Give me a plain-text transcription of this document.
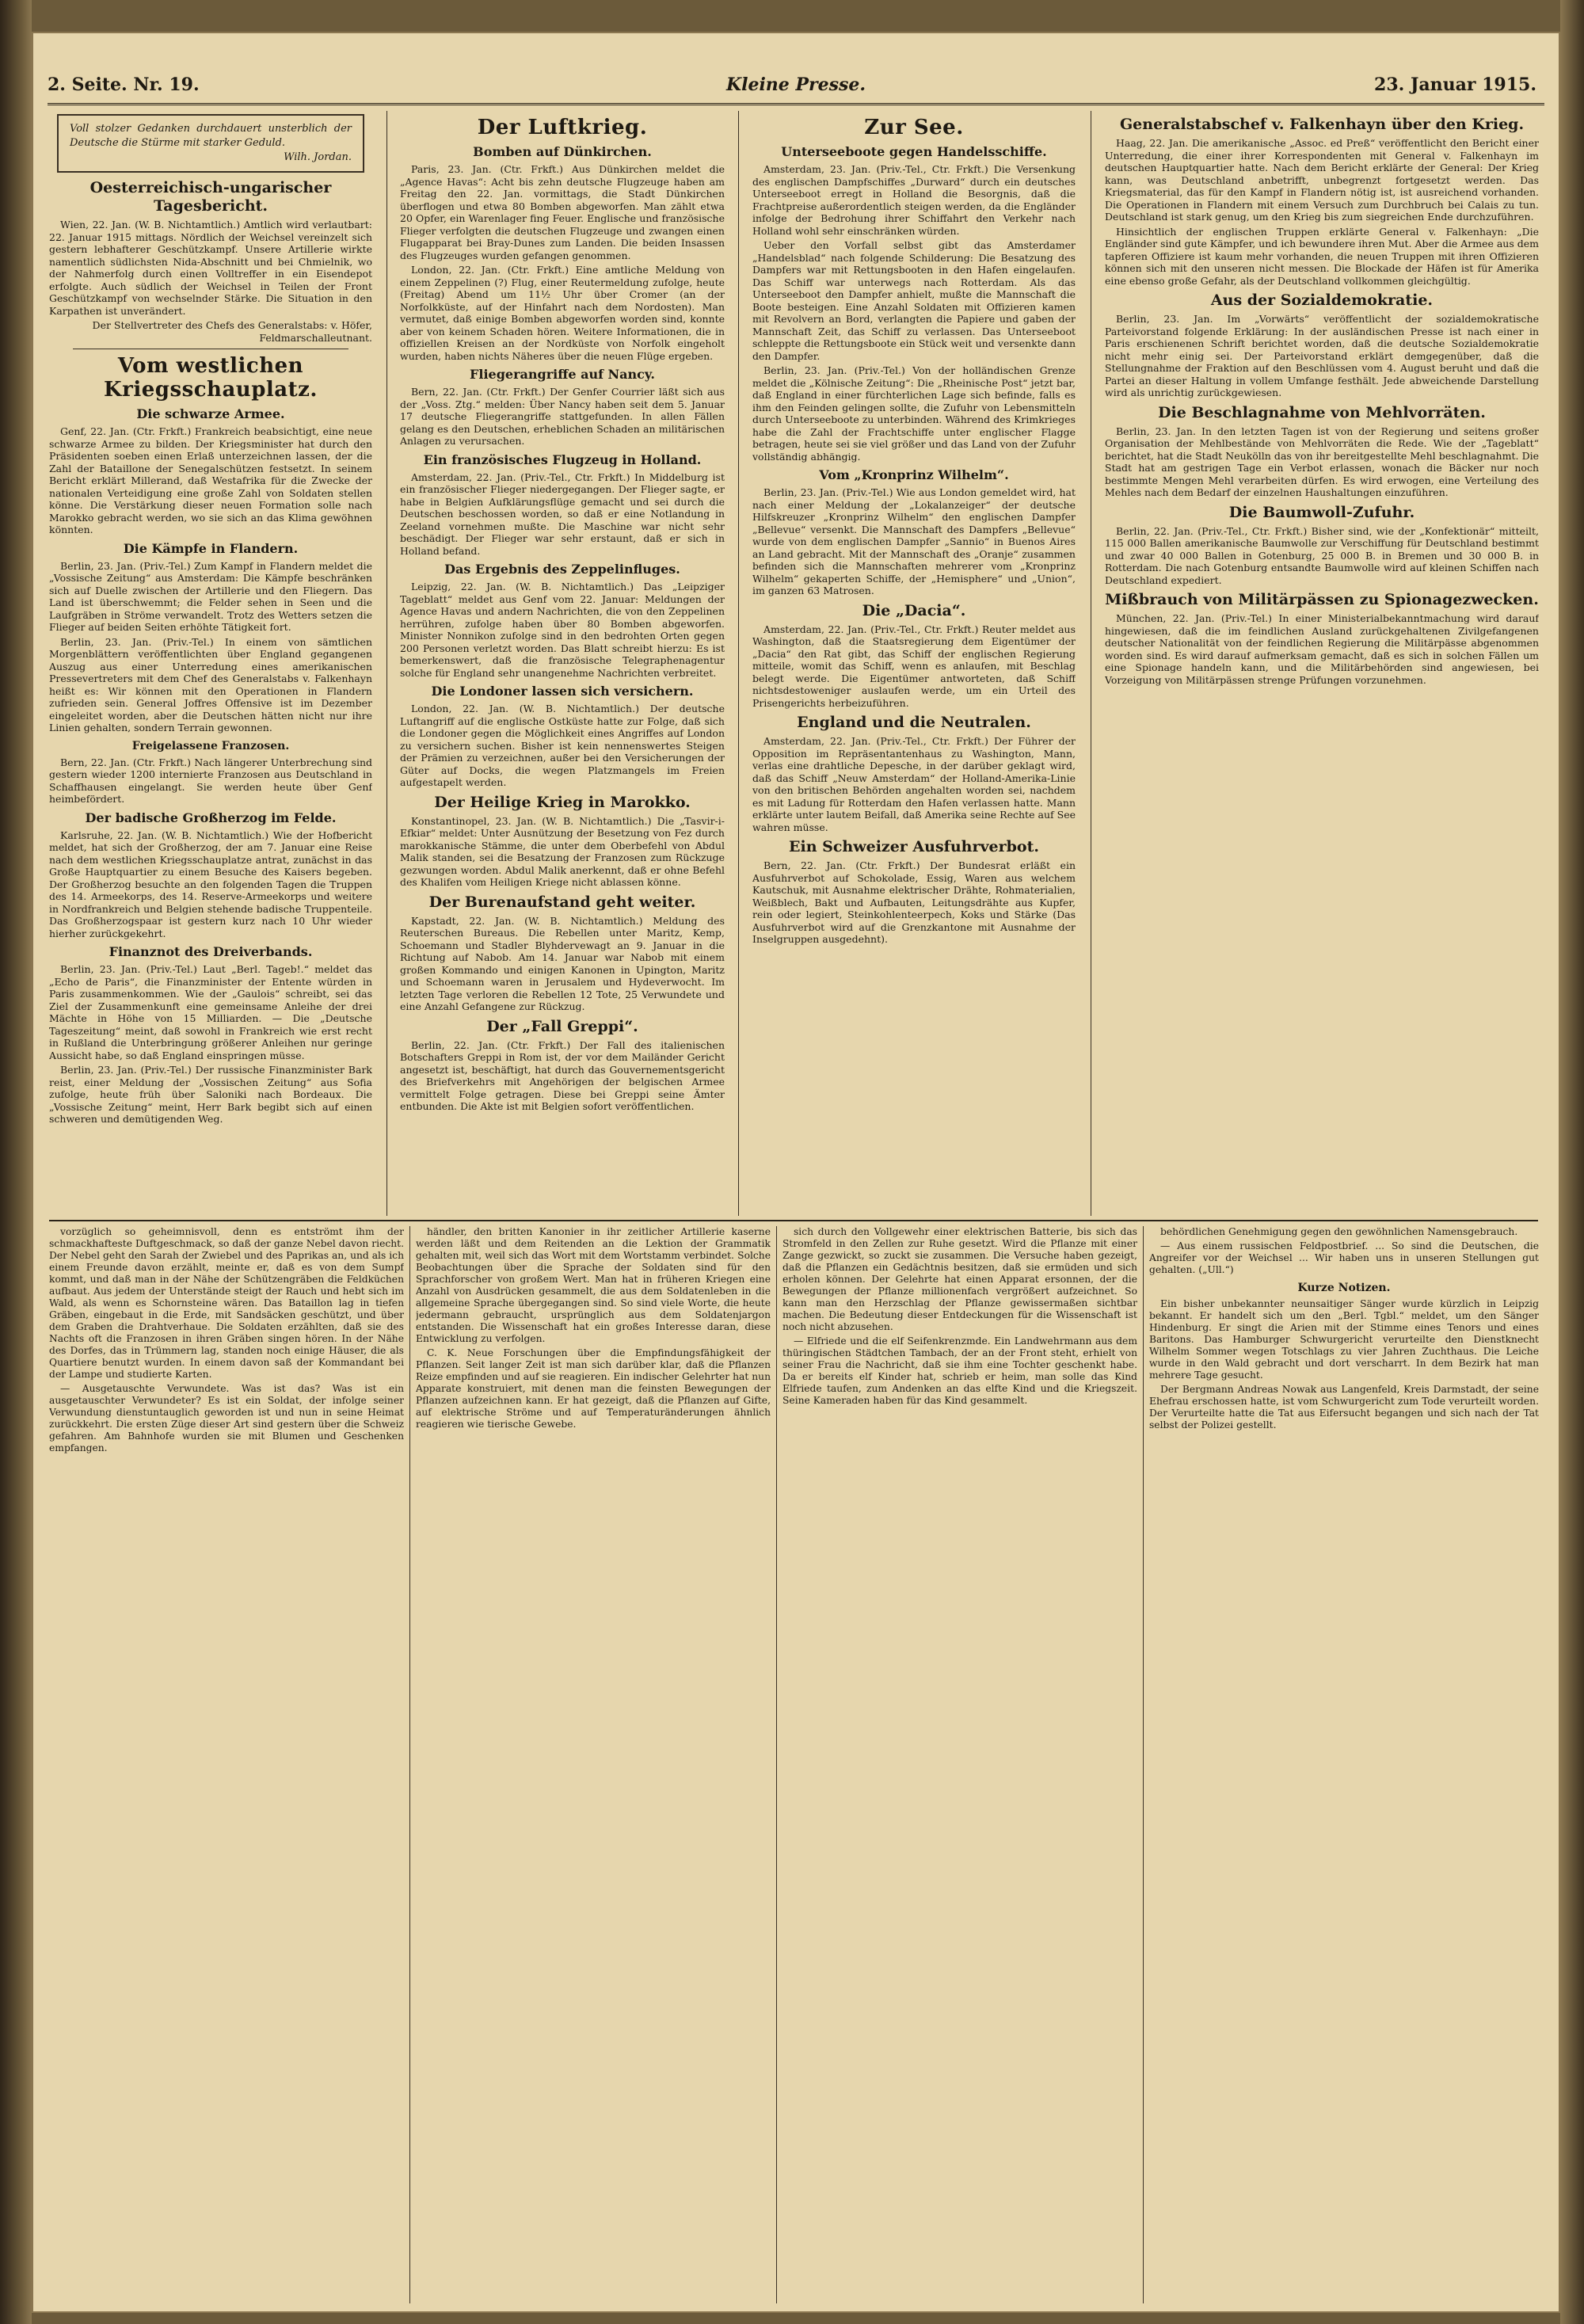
2. Seite. Nr. 19.	Kleine Presse.	23. Januar 1915.
Voll stolzer Gedanken durchdauert unsterblich der Deutsche die Stürme mit starker Geduld.
Wilh. Jordan.
Oesterreichisch-ungarischer Tagesbericht.

Wien, 22. Jan. (W. B. Nichtamtlich.) Amtlich wird verlautbart: 22. Januar 1915 mittags. Nördlich der Weichsel vereinzelt sich gestern lebhafterer Geschützkampf. Unsere Artillerie wirkte namentlich südlichsten Nida-Abschnitt und bei Chmielnik, wo der Nahmerfolg durch einen Volltreffer in ein Eisendepot erfolgte. Auch südlich der Weichsel in Teilen der Front Geschützkampf von wechselnder Stärke. Die Situation in den Karpathen ist unverändert.

Der Stellvertreter des Chefs des Generalstabs: v. Höfer, Feldmarschalleutnant.

Vom westlichen Kriegsschauplatz.
Die schwarze Armee.

Genf, 22. Jan. (Ctr. Frkft.) Frankreich beabsichtigt, eine neue schwarze Armee zu bilden. Der Kriegsminister hat durch den Präsidenten soeben einen Erlaß unterzeichnen lassen, der die Zahl der Bataillone der Senegalschützen festsetzt. In seinem Bericht erklärt Millerand, daß Westafrika für die Zwecke der nationalen Verteidigung eine große Zahl von Soldaten stellen könne. Die Verstärkung dieser neuen Formation solle nach Marokko gebracht werden, wo sie sich an das Klima gewöhnen könnten.

Die Kämpfe in Flandern.

Berlin, 23. Jan. (Priv.-Tel.) Zum Kampf in Flandern meldet die „Vossische Zeitung“ aus Amsterdam: Die Kämpfe beschränken sich auf Duelle zwischen der Artillerie und den Fliegern. Das Land ist überschwemmt; die Felder sehen in Seen und die Laufgräben in Ströme verwandelt. Trotz des Wetters setzen die Flieger auf beiden Seiten erhöhte Tätigkeit fort.

Berlin, 23. Jan. (Priv.-Tel.) In einem von sämtlichen Morgenblättern veröffentlichten über England gegangenen Auszug aus einer Unterredung eines amerikanischen Pressevertreters mit dem Chef des Generalstabs v. Falkenhayn heißt es: Wir können mit den Operationen in Flandern zufrieden sein. General Joffres Offensive ist im Dezember eingeleitet worden, aber die Deutschen hätten nicht nur ihre Linien gehalten, sondern Terrain gewonnen.

Freigelassene Franzosen.

Bern, 22. Jan. (Ctr. Frkft.) Nach längerer Unterbrechung sind gestern wieder 1200 internierte Franzosen aus Deutschland in Schaffhausen eingelangt. Sie werden heute über Genf heimbefördert.

Der badische Großherzog im Felde.

Karlsruhe, 22. Jan. (W. B. Nichtamtlich.) Wie der Hofbericht meldet, hat sich der Großherzog, der am 7. Januar eine Reise nach dem westlichen Kriegsschauplatze antrat, zunächst in das Große Hauptquartier zu einem Besuche des Kaisers begeben. Der Großherzog besuchte an den folgenden Tagen die Truppen des 14. Armeekorps, des 14. Reserve-Armeekorps und weitere in Nordfrankreich und Belgien stehende badische Truppenteile. Das Großherzogspaar ist gestern kurz nach 10 Uhr wieder hierher zurückgekehrt.

Finanznot des Dreiverbands.

Berlin, 23. Jan. (Priv.-Tel.) Laut „Berl. Tageb!.“ meldet das „Echo de Paris“, die Finanzminister der Entente würden in Paris zusammenkommen. Wie der „Gaulois“ schreibt, sei das Ziel der Zusammenkunft eine gemeinsame Anleihe der drei Mächte in Höhe von 15 Milliarden. — Die „Deutsche Tageszeitung“ meint, daß sowohl in Frankreich wie erst recht in Rußland die Unterbringung größerer Anleihen nur geringe Aussicht habe, so daß England einspringen müsse.

Berlin, 23. Jan. (Priv.-Tel.) Der russische Finanzminister Bark reist, einer Meldung der „Vossischen Zeitung“ aus Sofia zufolge, heute früh über Saloniki nach Bordeaux. Die „Vossische Zeitung“ meint, Herr Bark begibt sich auf einen schweren und demütigenden Weg.

Der Luftkrieg.
Bomben auf Dünkirchen.

Paris, 23. Jan. (Ctr. Frkft.) Aus Dünkirchen meldet die „Agence Havas“: Acht bis zehn deutsche Flugzeuge haben am Freitag den 22. Jan. vormittags, die Stadt Dünkirchen überflogen und etwa 80 Bomben abgeworfen. Man zählt etwa 20 Opfer, ein Warenlager fing Feuer. Englische und französische Flieger verfolgten die deutschen Flugzeuge und zwangen einen Flugapparat bei Bray-Dunes zum Landen. Die beiden Insassen des Flugzeuges wurden gefangen genommen.

London, 22. Jan. (Ctr. Frkft.) Eine amtliche Meldung von einem Zeppelinen (?) Flug, einer Reutermeldung zufolge, heute (Freitag) Abend um 11½ Uhr über Cromer (an der Norfolkküste, auf der Hinfahrt nach dem Nordosten). Man vermutet, daß einige Bomben abgeworfen worden sind, konnte aber von keinem Schaden hören. Weitere Informationen, die in offiziellen Kreisen an der Nordküste von Norfolk eingeholt wurden, haben nichts Näheres über die neuen Flüge ergeben.

Fliegerangriffe auf Nancy.

Bern, 22. Jan. (Ctr. Frkft.) Der Genfer Courrier läßt sich aus der „Voss. Ztg.“ melden: Über Nancy haben seit dem 5. Januar 17 deutsche Fliegerangriffe stattgefunden. In allen Fällen gelang es den Deutschen, erheblichen Schaden an militärischen Anlagen zu verursachen.

Ein französisches Flugzeug in Holland.

Amsterdam, 22. Jan. (Priv.-Tel., Ctr. Frkft.) In Middelburg ist ein französischer Flieger niedergegangen. Der Flieger sagte, er habe in Belgien Aufklärungsflüge gemacht und sei durch die Deutschen beschossen worden, so daß er eine Notlandung in Zeeland vornehmen mußte. Die Maschine war nicht sehr beschädigt. Der Flieger war sehr erstaunt, daß er sich in Holland befand.

Das Ergebnis des Zeppelinfluges.

Leipzig, 22. Jan. (W. B. Nichtamtlich.) Das „Leipziger Tageblatt“ meldet aus Genf vom 22. Januar: Meldungen der Agence Havas und andern Nachrichten, die von den Zeppelinen herrühren, zufolge haben über 80 Bomben abgeworfen. Minister Nonnikon zufolge sind in den bedrohten Orten gegen 200 Personen verletzt worden. Das Blatt schreibt hierzu: Es ist bemerkenswert, daß die französische Telegraphenagentur solche für England sehr unangenehme Nachrichten verbreitet.

Die Londoner lassen sich versichern.

London, 22. Jan. (W. B. Nichtamtlich.) Der deutsche Luftangriff auf die englische Ostküste hatte zur Folge, daß sich die Londoner gegen die Möglichkeit eines Angriffes auf London zu versichern suchen. Bisher ist kein nennenswertes Steigen der Prämien zu verzeichnen, außer bei den Versicherungen der Güter auf Docks, die wegen Platzmangels im Freien aufgestapelt werden.

Der Heilige Krieg in Marokko.

Konstantinopel, 23. Jan. (W. B. Nichtamtlich.) Die „Tasvir-i-Efkiar“ meldet: Unter Ausnützung der Besetzung von Fez durch marokkanische Stämme, die unter dem Oberbefehl von Abdul Malik standen, sei die Besatzung der Franzosen zum Rückzuge gezwungen worden. Abdul Malik anerkennt, daß er ohne Befehl des Khalifen vom Heiligen Kriege nicht ablassen könne.

Der Burenaufstand geht weiter.

Kapstadt, 22. Jan. (W. B. Nichtamtlich.) Meldung des Reuterschen Bureaus. Die Rebellen unter Maritz, Kemp, Schoemann und Stadler Blyhdervewagt an 9. Januar in die Richtung auf Nabob. Am 14. Januar war Nabob mit einem großen Kommando und einigen Kanonen in Upington, Maritz und Schoemann waren in Jerusalem und Hydeverwocht. Im letzten Tage verloren die Rebellen 12 Tote, 25 Verwundete und eine Anzahl Gefangene zur Rückzug.

Der „Fall Greppi“.

Berlin, 22. Jan. (Ctr. Frkft.) Der Fall des italienischen Botschafters Greppi in Rom ist, der vor dem Mailänder Gericht angesetzt ist, beschäftigt, hat durch das Gouvernementsgericht des Briefverkehrs mit Angehörigen der belgischen Armee vermittelt Folge getragen. Diese bei Greppi seine Ämter entbunden. Die Akte ist mit Belgien sofort veröffentlichen.

Zur See.
Unterseeboote gegen Handelsschiffe.

Amsterdam, 23. Jan. (Priv.-Tel., Ctr. Frkft.) Die Versenkung des englischen Dampfschiffes „Durward“ durch ein deutsches Unterseeboot erregt in Holland die Besorgnis, daß die Frachtpreise außerordentlich steigen werden, da die Engländer infolge der Bedrohung ihrer Schiffahrt den Verkehr nach Holland wohl sehr einschränken würden.

Ueber den Vorfall selbst gibt das Amsterdamer „Handelsblad“ nach folgende Schilderung: Die Besatzung des Dampfers war mit Rettungsbooten in den Hafen eingelaufen. Das Schiff war unterwegs nach Rotterdam. Als das Unterseeboot den Dampfer anhielt, mußte die Mannschaft die Boote besteigen. Eine Anzahl Soldaten mit Offizieren kamen mit Revolvern an Bord, verlangten die Papiere und gaben der Mannschaft Zeit, das Schiff zu verlassen. Das Unterseeboot schleppte die Rettungsboote ein Stück weit und versenkte dann den Dampfer.

Berlin, 23. Jan. (Priv.-Tel.) Von der holländischen Grenze meldet die „Kölnische Zeitung“: Die „Rheinische Post“ jetzt bar, daß England in einer fürchterlichen Lage sich befinde, falls es ihm den Feinden gelingen sollte, die Zufuhr von Lebensmitteln durch Unterseeboote zu unterbinden. Während des Krimkrieges habe die Zahl der Frachtschiffe unter englischer Flagge betragen, heute sei sie viel größer und das Land von der Zufuhr vollständig abhängig.

Vom „Kronprinz Wilhelm“.

Berlin, 23. Jan. (Priv.-Tel.) Wie aus London gemeldet wird, hat nach einer Meldung der „Lokalanzeiger“ der deutsche Hilfskreuzer „Kronprinz Wilhelm“ den englischen Dampfer „Bellevue“ versenkt. Die Mannschaft des Dampfers „Bellevue“ wurde von dem englischen Dampfer „Sannio“ in Buenos Aires an Land gebracht. Mit der Mannschaft des „Oranje“ zusammen befinden sich die Mannschaften mehrerer vom „Kronprinz Wilhelm“ gekaperten Schiffe, der „Hemisphere“ und „Union“, im ganzen 63 Matrosen.

Die „Dacia“.

Amsterdam, 22. Jan. (Priv.-Tel., Ctr. Frkft.) Reuter meldet aus Washington, daß die Staatsregierung dem Eigentümer der „Dacia“ den Rat gibt, das Schiff der englischen Regierung mitteile, womit das Schiff, wenn es anlaufen, mit Beschlag belegt werde. Die Eigentümer antworteten, daß Schiff nichtsdestoweniger auslaufen werde, um ein Urteil des Prisengerichts herbeizuführen.

England und die Neutralen.

Amsterdam, 22. Jan. (Priv.-Tel., Ctr. Frkft.) Der Führer der Opposition im Repräsentantenhaus zu Washington, Mann, verlas eine drahtliche Depesche, in der darüber geklagt wird, daß das Schiff „Neuw Amsterdam“ der Holland-Amerika-Linie von den britischen Behörden angehalten worden sei, nachdem es mit Ladung für Rotterdam den Hafen verlassen hatte. Mann erklärte unter lautem Beifall, daß Amerika seine Rechte auf See wahren müsse.

Ein Schweizer Ausfuhrverbot.

Bern, 22. Jan. (Ctr. Frkft.) Der Bundesrat erläßt ein Ausfuhrverbot auf Schokolade, Essig, Waren aus welchem Kautschuk, mit Ausnahme elektrischer Drähte, Rohmaterialien, Weißblech, Bakt und Aufbauten, Leitungsdrähte aus Kupfer, rein oder legiert, Steinkohlenteerpech, Koks und Stärke (Das Ausfuhrverbot wird auf die Grenzkantone mit Ausnahme der Inselgruppen ausgedehnt).

Generalstabschef v. Falkenhayn über den Krieg.

Haag, 22. Jan. Die amerikanische „Assoc. ed Preß“ veröffentlicht den Bericht einer Unterredung, die einer ihrer Korrespondenten mit General v. Falkenhayn im deutschen Hauptquartier hatte. Nach dem Bericht erklärte der General: Der Krieg kann, was Deutschland anbetrifft, unbegrenzt fortgesetzt werden. Das Kriegsmaterial, das für den Kampf in Flandern nötig ist, ist ausreichend vorhanden. Die Operationen in Flandern mit einem Versuch zum Durchbruch bei Calais zu tun. Deutschland ist stark genug, um den Krieg bis zum siegreichen Ende durchzuführen.

Hinsichtlich der englischen Truppen erklärte General v. Falkenhayn: „Die Engländer sind gute Kämpfer, und ich bewundere ihren Mut. Aber die Armee aus dem tapferen Offiziere ist kaum mehr vorhanden, die neuen Truppen mit ihren Offizieren können sich mit den unseren nicht messen. Die Blockade der Häfen ist für Amerika eine ebenso große Gefahr, als der Deutschland vollkommen gleichgültig.

Aus der Sozialdemokratie.

Berlin, 23. Jan. Im „Vorwärts“ veröffentlicht der sozialdemokratische Parteivorstand folgende Erklärung: In der ausländischen Presse ist nach einer in Paris erschienenen Schrift berichtet worden, daß die deutsche Sozialdemokratie nicht mehr einig sei. Der Parteivorstand erklärt demgegenüber, daß die Stellungnahme der Fraktion auf den Beschlüssen vom 4. August beruht und daß die Partei an dieser Haltung in vollem Umfange festhält. Jede abweichende Darstellung wird als unrichtig zurückgewiesen.

Die Beschlagnahme von Mehlvorräten.

Berlin, 23. Jan. In den letzten Tagen ist von der Regierung und seitens großer Organisation der Mehlbestände von Mehlvorräten die Rede. Wie der „Tageblatt“ berichtet, hat die Stadt Neukölln das von ihr bereitgestellte Mehl beschlagnahmt. Die Stadt hat am gestrigen Tage ein Verbot erlassen, wonach die Bäcker nur noch bestimmte Mengen Mehl verarbeiten dürfen. Es wird erwogen, eine Verteilung des Mehles nach dem Bedarf der einzelnen Haushaltungen einzuführen.

Die Baumwoll-Zufuhr.

Berlin, 22. Jan. (Priv.-Tel., Ctr. Frkft.) Bisher sind, wie der „Konfektionär“ mitteilt, 115 000 Ballen amerikanische Baumwolle zur Verschiffung für Deutschland bestimmt und zwar 40 000 Ballen in Gotenburg, 25 000 B. in Bremen und 30 000 B. in Rotterdam. Die nach Gotenburg entsandte Baumwolle wird auf kleinen Schiffen nach Deutschland expediert.

Mißbrauch von Militärpässen zu Spionagezwecken.

München, 22. Jan. (Priv.-Tel.) In einer Ministerialbekanntmachung wird darauf hingewiesen, daß die im feindlichen Ausland zurückgehaltenen Zivilgefangenen deutscher Nationalität von der feindlichen Regierung die Militärpässe abgenommen worden sind. Es wird darauf aufmerksam gemacht, daß es sich in solchen Fällen um eine Spionage handeln kann, und die Militärbehörden sind angewiesen, bei Vorzeigung von Militärpässen strenge Prüfungen vorzunehmen.

vorzüglich so geheimnisvoll, denn es entströmt ihm der schmackhafteste Duftgeschmack, so daß der ganze Nebel davon riecht. Der Nebel geht den Sarah der Zwiebel und des Paprikas an, und als ich einem Freunde davon erzählt, meinte er, daß es von dem Sumpf kommt, und daß man in der Nähe der Schützengräben die Feldküchen aufbaut. Aus jedem der Unterstände steigt der Rauch und hebt sich im Wald, als wenn es Schornsteine wären. Das Bataillon lag in tiefen Gräben, eingebaut in die Erde, mit Sandsäcken geschützt, und über dem Graben die Drahtverhaue. Die Soldaten erzählten, daß sie des Nachts oft die Franzosen in ihren Gräben singen hören. In der Nähe des Dorfes, das in Trümmern lag, standen noch einige Häuser, die als Quartiere benutzt wurden. In einem davon saß der Kommandant bei der Lampe und studierte Karten.

— Ausgetauschte Verwundete. Was ist das? Was ist ein ausgetauschter Verwundeter? Es ist ein Soldat, der infolge seiner Verwundung dienstuntauglich geworden ist und nun in seine Heimat zurückkehrt. Die ersten Züge dieser Art sind gestern über die Schweiz gefahren. Am Bahnhofe wurden sie mit Blumen und Geschenken empfangen.

händler, den britten Kanonier in ihr zeitlicher Artillerie kaserne werden läßt und dem Reitenden an die Lektion der Grammatik gehalten mit, weil sich das Wort mit dem Wortstamm verbindet. Solche Beobachtungen über die Sprache der Soldaten sind für den Sprachforscher von großem Wert. Man hat in früheren Kriegen eine Anzahl von Ausdrücken gesammelt, die aus dem Soldatenleben in die allgemeine Sprache übergegangen sind. So sind viele Worte, die heute jedermann gebraucht, ursprünglich aus dem Soldatenjargon entstanden. Die Wissenschaft hat ein großes Interesse daran, diese Entwicklung zu verfolgen.

C. K. Neue Forschungen über die Empfindungsfähigkeit der Pflanzen. Seit langer Zeit ist man sich darüber klar, daß die Pflanzen Reize empfinden und auf sie reagieren. Ein indischer Gelehrter hat nun Apparate konstruiert, mit denen man die feinsten Bewegungen der Pflanzen aufzeichnen kann. Er hat gezeigt, daß die Pflanzen auf Gifte, auf elektrische Ströme und auf Temperaturänderungen ähnlich reagieren wie tierische Gewebe.

sich durch den Vollgewehr einer elektrischen Batterie, bis sich das Stromfeld in den Zellen zur Ruhe gesetzt. Wird die Pflanze mit einer Zange gezwickt, so zuckt sie zusammen. Die Versuche haben gezeigt, daß die Pflanzen ein Gedächtnis besitzen, daß sie ermüden und sich erholen können. Der Gelehrte hat einen Apparat ersonnen, der die Bewegungen der Pflanze millionenfach vergrößert aufzeichnet. So kann man den Herzschlag der Pflanze gewissermaßen sichtbar machen. Die Bedeutung dieser Entdeckungen für die Wissenschaft ist noch nicht abzusehen.

— Elfriede und die elf Seifenkrenzmde. Ein Landwehrmann aus dem thüringischen Städtchen Tambach, der an der Front steht, erhielt von seiner Frau die Nachricht, daß sie ihm eine Tochter geschenkt habe. Da er bereits elf Kinder hat, schrieb er heim, man solle das Kind Elfriede taufen, zum Andenken an das elfte Kind und die Kriegszeit. Seine Kameraden haben für das Kind gesammelt.

behördlichen Genehmigung gegen den gewöhnlichen Namensgebrauch.

— Aus einem russischen Feldpostbrief. ... So sind die Deutschen, die Angreifer vor der Weichsel ... Wir haben uns in unseren Stellungen gut gehalten. („Ull.“)

Kurze Notizen.

Ein bisher unbekannter neunsaitiger Sänger wurde kürzlich in Leipzig bekannt. Er handelt sich um den „Berl. Tgbl.“ meldet, um den Sänger Hindenburg. Er singt die Arien mit der Stimme eines Tenors und eines Baritons. Das Hamburger Schwurgericht verurteilte den Dienstknecht Wilhelm Sommer wegen Totschlags zu vier Jahren Zuchthaus. Die Leiche wurde in den Wald gebracht und dort verscharrt. In dem Bezirk hat man mehrere Tage gesucht.

Der Bergmann Andreas Nowak aus Langenfeld, Kreis Darmstadt, der seine Ehefrau erschossen hatte, ist vom Schwurgericht zum Tode verurteilt worden. Der Verurteilte hatte die Tat aus Eifersucht begangen und sich nach der Tat selbst der Polizei gestellt.
